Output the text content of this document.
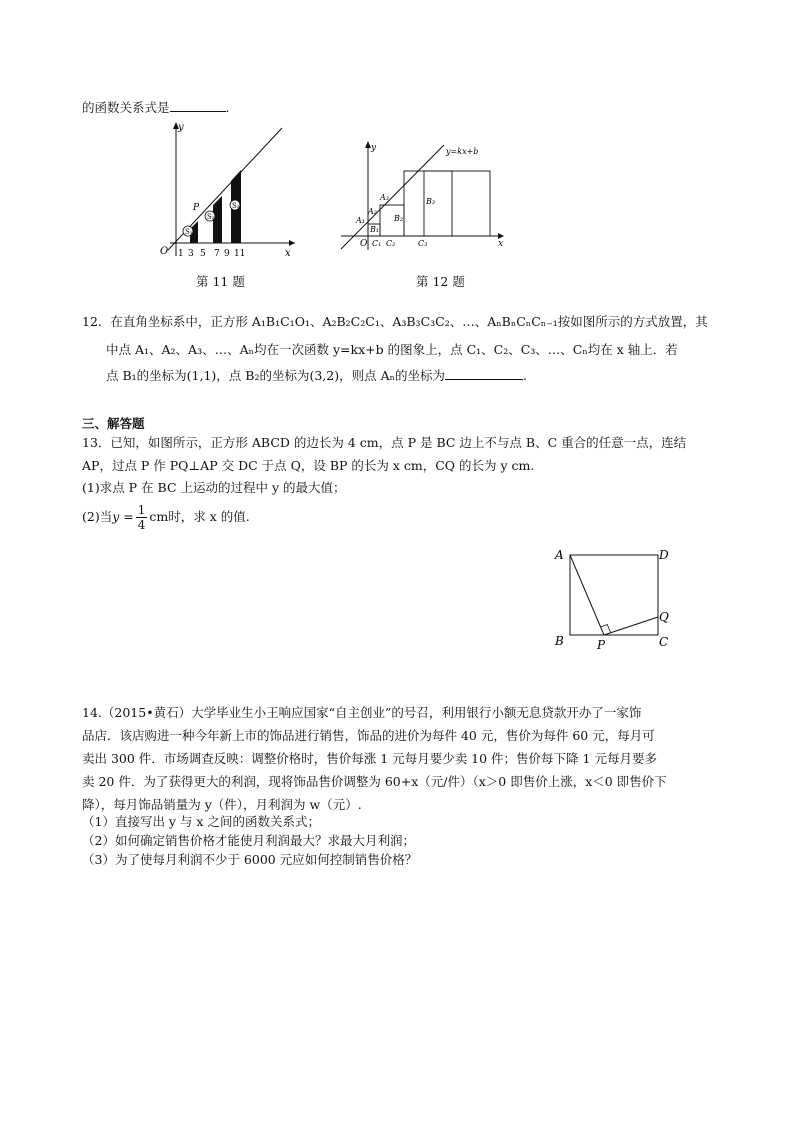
的函数关系式是	.
S₁
S₂
S₃
y
x
O
P
1 3 5 7 9 11
第 11 题
y
x
O
y=kx+b
A₁
A₂
A₃
B₁
B₂
B₃
C₁ C₂	C₃
第 12 题
12．在直角坐标系中，正方形 A₁B₁C₁O₁、A₂B₂C₂C₁、A₃B₃C₃C₂、…、AₙBₙCₙCₙ₋₁按如图所示的方式放置，其
中点 A₁、A₂、A₃、…、Aₙ均在一次函数 y=kx+b 的图象上，点 C₁、C₂、C₃、…、Cₙ均在 x 轴上．若
点 B₁的坐标为(1,1)，点 B₂的坐标为(3,2)，则点 Aₙ的坐标为	.
三、解答题
13．已知，如图所示，正方形 ABCD 的边长为 4 cm，点 P 是 BC 边上不与点 B、C 重合的任意一点，连结
AP，过点 P 作 PQ⊥AP 交 DC 于点 Q，设 BP 的长为 x cm，CQ 的长为 y cm.
(1)求点 P 在 BC 上运动的过程中 y 的最大值；
(2)当$y = \frac{1}{4}$ cm时，求 x 的值.
A	D
B	C
P
Q
14.（2015•黄石）大学毕业生小王响应国家“自主创业”的号召，利用银行小额无息贷款开办了一家饰
品店．该店购进一种今年新上市的饰品进行销售，饰品的进价为每件 40 元，售价为每件 60 元，每月可
卖出 300 件．市场调查反映：调整价格时，售价每涨 1 元每月要少卖 10 件；售价每下降 1 元每月要多
卖 20 件．为了获得更大的利润，现将饰品售价调整为 60+x（元/件）（x＞0 即售价上涨，x＜0 即售价下
降），每月饰品销量为 y（件），月利润为 w（元）.
（1）直接写出 y 与 x 之间的函数关系式；
（2）如何确定销售价格才能使月利润最大？求最大月利润；
（3）为了使每月利润不少于 6000 元应如何控制销售价格？
